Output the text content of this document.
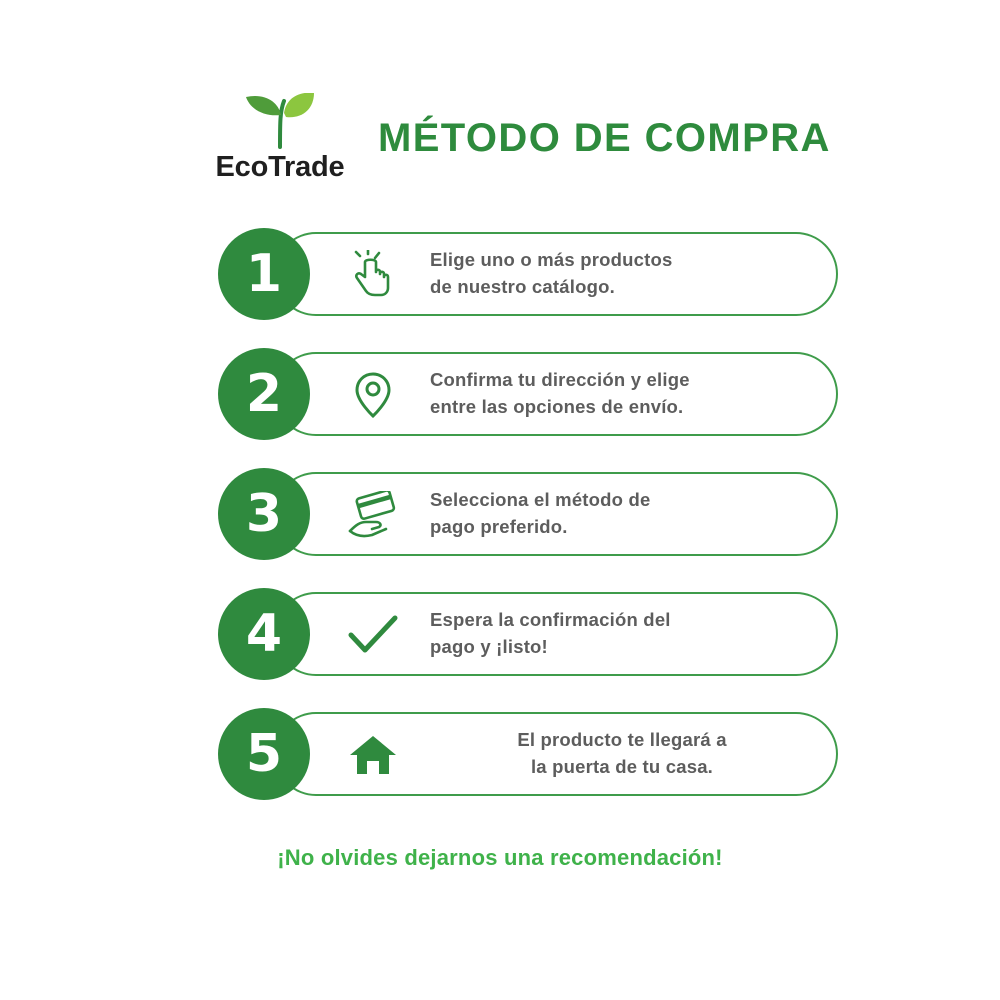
EcoTrade
MÉTODO DE COMPRA
1	Elige uno o más productos
de nuestro catálogo.
2	Confirma tu dirección y elige
entre las opciones de envío.
3	Selecciona el método de
pago preferido.
4	Espera la confirmación del
pago y ¡listo!
5	El producto te llegará a
la puerta de tu casa.
¡No olvides dejarnos una recomendación!
